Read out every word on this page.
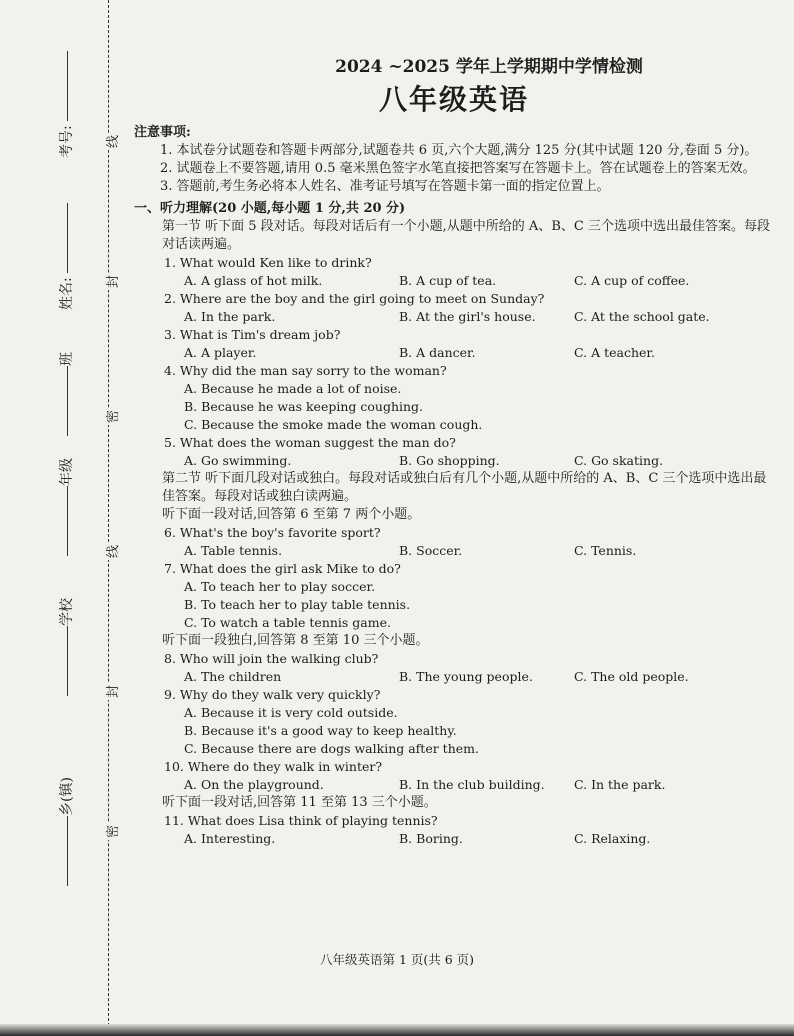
考号:
姓名:
班
年级
学校
乡(镇)
线
封
密
线
封
密

2024 ~2025 学年上学期期中学情检测

八年级英语

注意事项:

1. 本试卷分试题卷和答题卡两部分,试题卷共 6 页,六个大题,满分 125 分(其中试题 120 分,卷面 5 分)。

2. 试题卷上不要答题,请用 0.5 毫米黑色签字水笔直接把答案写在答题卡上。答在试题卷上的答案无效。

3. 答题前,考生务必将本人姓名、准考证号填写在答题卡第一面的指定位置上。

一、听力理解(20 小题,每小题 1 分,共 20 分)

第一节 听下面 5 段对话。每段对话后有一个小题,从题中所给的 A、B、C 三个选项中选出最佳答案。每段对话读两遍。

1. What would Ken like to drink?
A. A glass of hot milk.	B. A cup of tea.	C. A cup of coffee.
2. Where are the boy and the girl going to meet on Sunday?
A. In the park.	B. At the girl's house.	C. At the school gate.
3. What is Tim's dream job?
A. A player.	B. A dancer.	C. A teacher.
4. Why did the man say sorry to the woman?
A. Because he made a lot of noise.
B. Because he was keeping coughing.
C. Because the smoke made the woman cough.
5. What does the woman suggest the man do?
A. Go swimming.	B. Go shopping.	C. Go skating.

第二节 听下面几段对话或独白。每段对话或独白后有几个小题,从题中所给的 A、B、C 三个选项中选出最佳答案。每段对话或独白读两遍。

听下面一段对话,回答第 6 至第 7 两个小题。

6. What's the boy's favorite sport?
A. Table tennis.	B. Soccer.	C. Tennis.
7. What does the girl ask Mike to do?
A. To teach her to play soccer.
B. To teach her to play table tennis.
C. To watch a table tennis game.

听下面一段独白,回答第 8 至第 10 三个小题。

8. Who will join the walking club?
A. The children	B. The young people.	C. The old people.
9. Why do they walk very quickly?
A. Because it is very cold outside.
B. Because it's a good way to keep healthy.
C. Because there are dogs walking after them.
10. Where do they walk in winter?
A. On the playground.	B. In the club building.	C. In the park.

听下面一段对话,回答第 11 至第 13 三个小题。

11. What does Lisa think of playing tennis?
A. Interesting.	B. Boring.	C. Relaxing.
八年级英语第 1 页(共 6 页)
